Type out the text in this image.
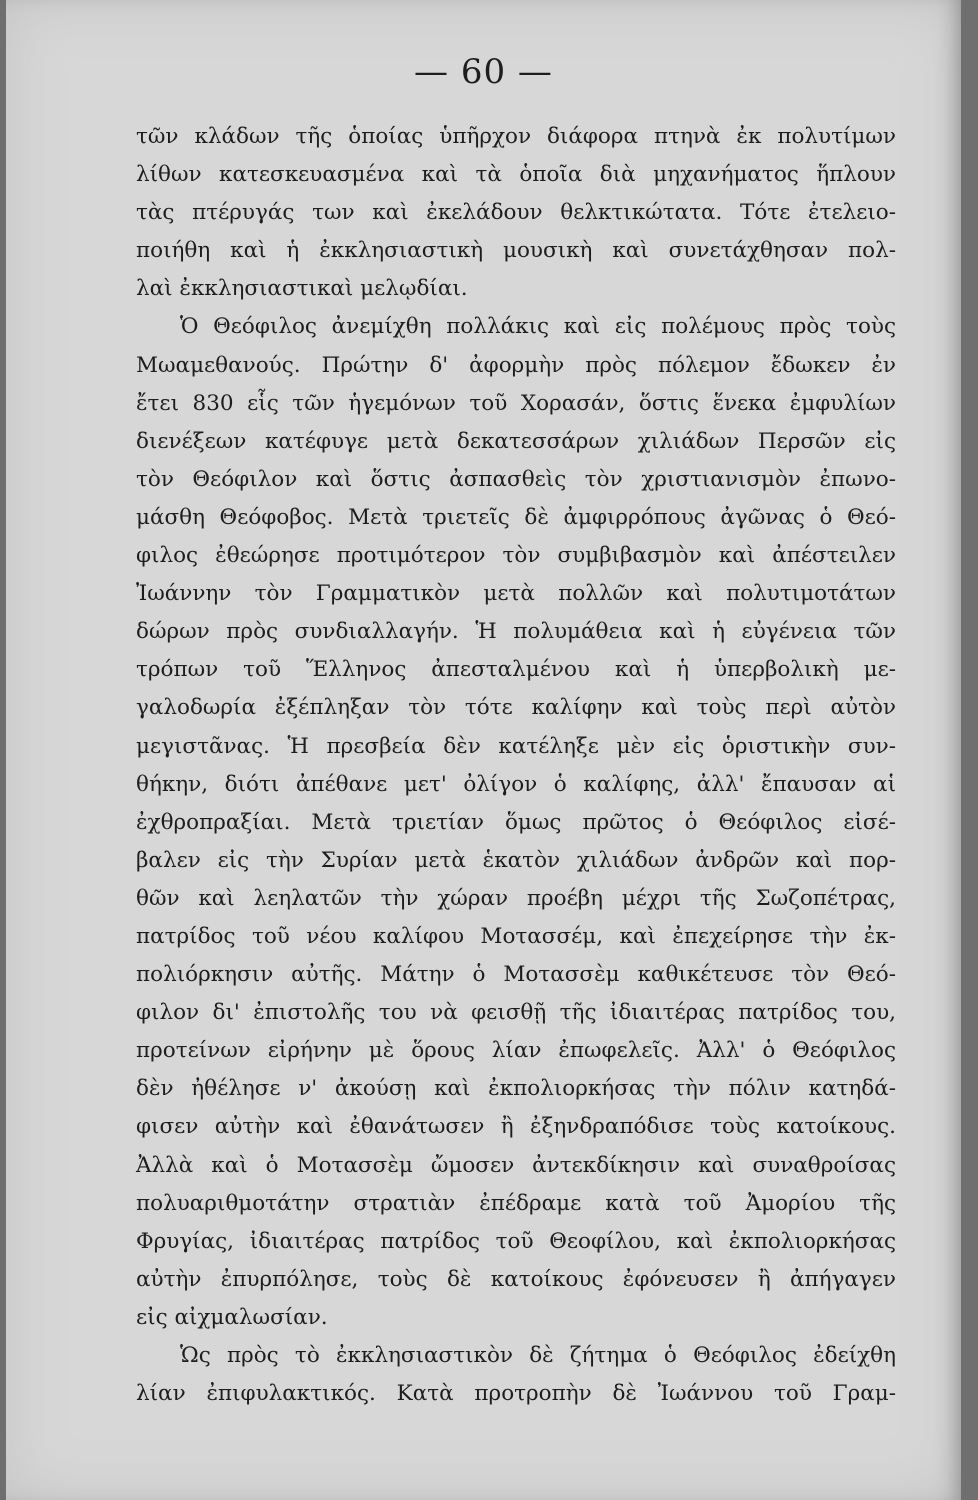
— 60 —
τῶν κλάδων τῆς ὁποίας ὑπῆρχον διάφορα πτηνὰ ἐκ πολυτίμων
λίθων κατεσκευασμένα καὶ τὰ ὁποῖα διὰ μηχανήματος ἥπλουν
τὰς πτέρυγάς των καὶ ἐκελάδουν θελκτικώτατα. Τότε ἐτελειο-
ποιήθη καὶ ἡ ἐκκλησιαστικὴ μουσικὴ καὶ συνετάχθησαν πολ-
λαὶ ἐκκλησιαστικαὶ μελῳδίαι.
Ὁ Θεόφιλος ἀνεμίχθη πολλάκις καὶ εἰς πολέμους πρὸς τοὺς
Μωαμεθανούς. Πρώτην δ' ἀφορμὴν πρὸς πόλεμον ἔδωκεν ἐν
ἔτει 830 εἷς τῶν ἡγεμόνων τοῦ Χορασάν, ὅστις ἕνεκα ἐμφυλίων
διενέξεων κατέφυγε μετὰ δεκατεσσάρων χιλιάδων Περσῶν εἰς
τὸν Θεόφιλον καὶ ὅστις ἀσπασθεὶς τὸν χριστιανισμὸν ἐπωνο-
μάσθη Θεόφοβος. Μετὰ τριετεῖς δὲ ἀμφιρρόπους ἀγῶνας ὁ Θεό-
φιλος ἐθεώρησε προτιμότερον τὸν συμβιβασμὸν καὶ ἀπέστειλεν
Ἰωάννην τὸν Γραμματικὸν μετὰ πολλῶν καὶ πολυτιμοτάτων
δώρων πρὸς συνδιαλλαγήν. Ἡ πολυμάθεια καὶ ἡ εὐγένεια τῶν
τρόπων τοῦ Ἕλληνος ἀπεσταλμένου καὶ ἡ ὑπερβολικὴ με-
γαλοδωρία ἐξέπληξαν τὸν τότε καλίφην καὶ τοὺς περὶ αὐτὸν
μεγιστᾶνας. Ἡ πρεσβεία δὲν κατέληξε μὲν εἰς ὁριστικὴν συν-
θήκην, διότι ἀπέθανε μετ' ὀλίγον ὁ καλίφης, ἀλλ' ἔπαυσαν αἱ
ἐχθροπραξίαι. Μετὰ τριετίαν ὅμως πρῶτος ὁ Θεόφιλος εἰσέ-
βαλεν εἰς τὴν Συρίαν μετὰ ἑκατὸν χιλιάδων ἀνδρῶν καὶ πορ-
θῶν καὶ λεηλατῶν τὴν χώραν προέβη μέχρι τῆς Σωζοπέτρας,
πατρίδος τοῦ νέου καλίφου Μοτασσέμ, καὶ ἐπεχείρησε τὴν ἐκ-
πολιόρκησιν αὐτῆς. Μάτην ὁ Μοτασσὲμ καθικέτευσε τὸν Θεό-
φιλον δι' ἐπιστολῆς του νὰ φεισθῇ τῆς ἰδιαιτέρας πατρίδος του,
προτείνων εἰρήνην μὲ ὅρους λίαν ἐπωφελεῖς. Ἀλλ' ὁ Θεόφιλος
δὲν ἠθέλησε ν' ἀκούσῃ καὶ ἐκπολιορκήσας τὴν πόλιν κατηδά-
φισεν αὐτὴν καὶ ἐθανάτωσεν ἢ ἐξηνδραπόδισε τοὺς κατοίκους.
Ἀλλὰ καὶ ὁ Μοτασσὲμ ὤμοσεν ἀντεκδίκησιν καὶ συναθροίσας
πολυαριθμοτάτην στρατιὰν ἐπέδραμε κατὰ τοῦ Ἀμορίου τῆς
Φρυγίας, ἰδιαιτέρας πατρίδος τοῦ Θεοφίλου, καὶ ἐκπολιορκήσας
αὐτὴν ἐπυρπόλησε, τοὺς δὲ κατοίκους ἐφόνευσεν ἢ ἀπήγαγεν
εἰς αἰχμαλωσίαν.
Ὡς πρὸς τὸ ἐκκλησιαστικὸν δὲ ζήτημα ὁ Θεόφιλος ἐδείχθη
λίαν ἐπιφυλακτικός. Κατὰ προτροπὴν δὲ Ἰωάννου τοῦ Γραμ-
